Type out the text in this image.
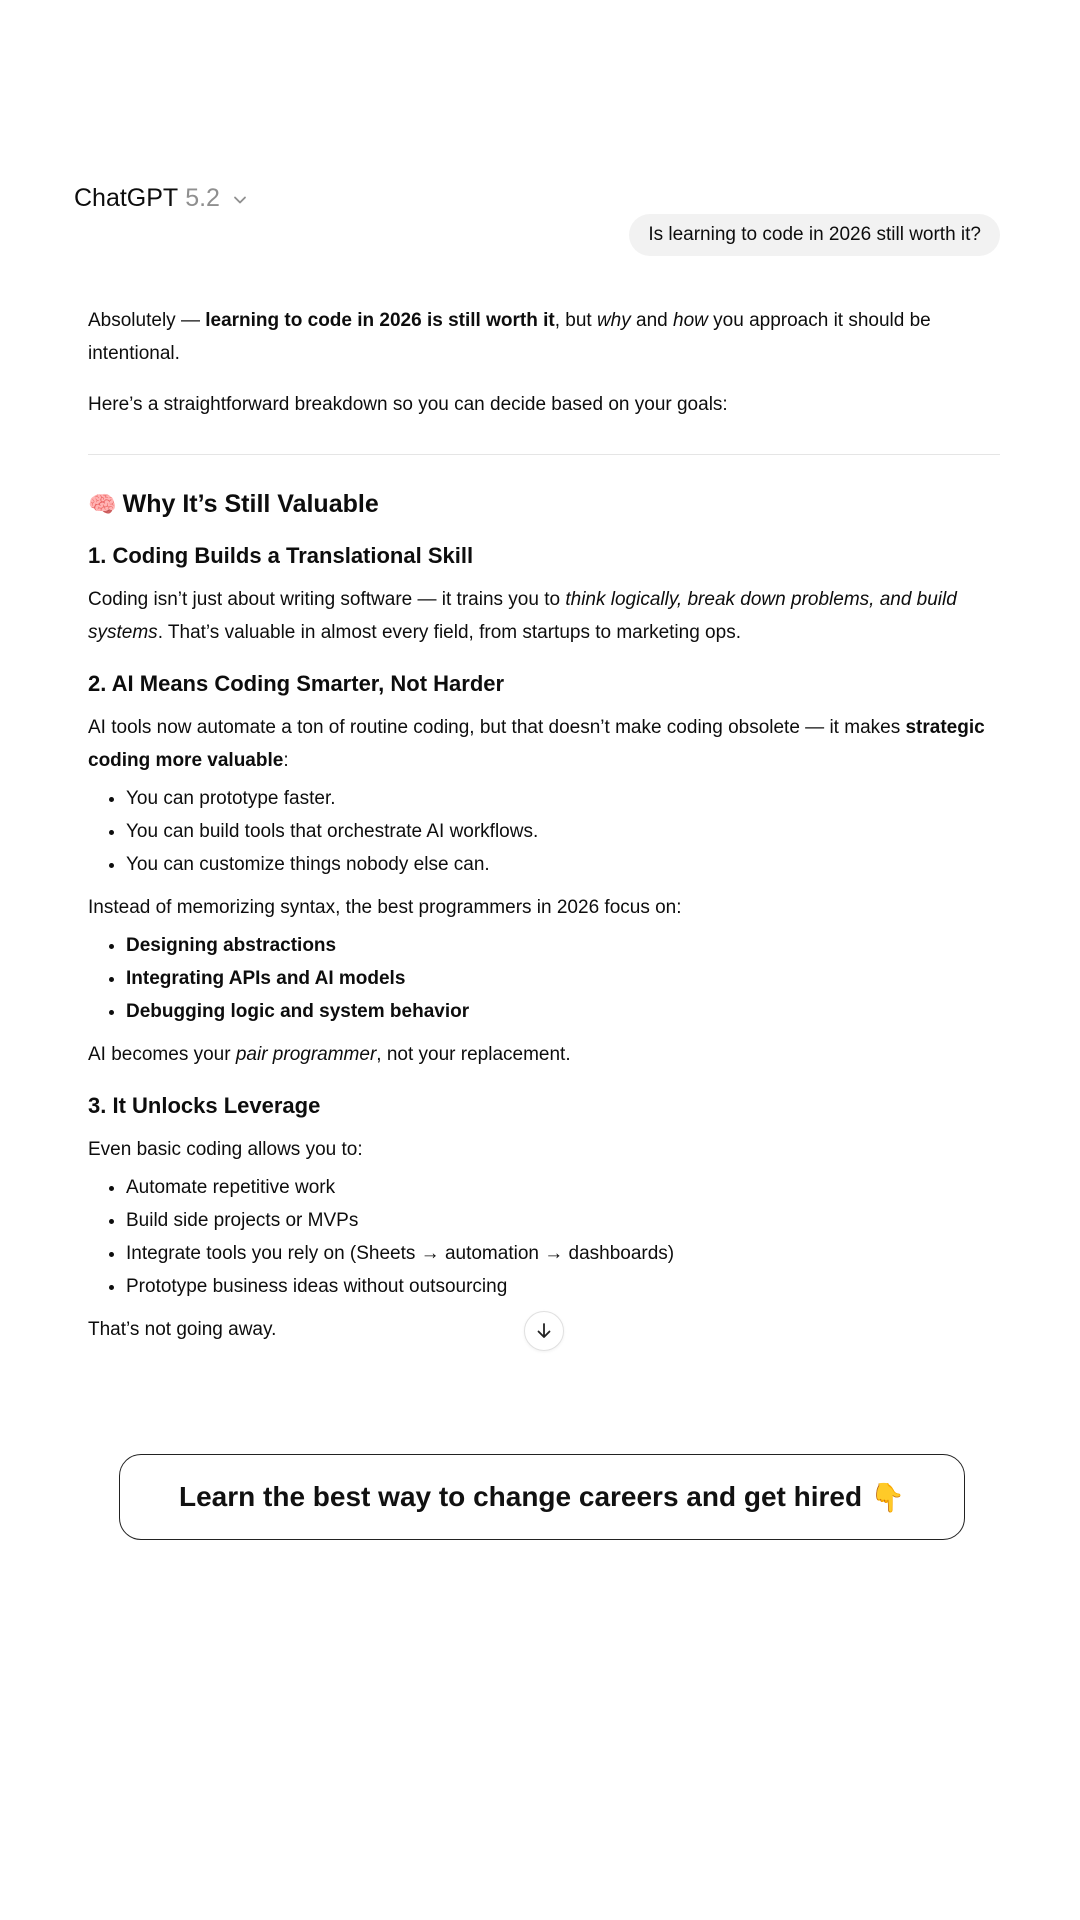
ChatGPT 5.2
Is learning to code in 2026 still worth it?

Absolutely — learning to code in 2026 is still worth it, but why and how you approach it should be intentional.

Here’s a straightforward breakdown so you can decide based on your goals:

🧠 Why It’s Still Valuable
1. Coding Builds a Translational Skill

Coding isn’t just about writing software — it trains you to think logically, break down problems, and build systems. That’s valuable in almost every field, from startups to marketing ops.

2. AI Means Coding Smarter, Not Harder

AI tools now automate a ton of routine coding, but that doesn’t make coding obsolete — it makes strategic coding more valuable:

• You can prototype faster.
• You can build tools that orchestrate AI workflows.
• You can customize things nobody else can.

Instead of memorizing syntax, the best programmers in 2026 focus on:

• Designing abstractions
• Integrating APIs and AI models
• Debugging logic and system behavior

AI becomes your pair programmer, not your replacement.

3. It Unlocks Leverage

Even basic coding allows you to:

• Automate repetitive work
• Build side projects or MVPs
• Integrate tools you rely on (Sheets → automation → dashboards)
• Prototype business ideas without outsourcing

That’s not going away.

Learn the best way to change careers and get hired 👇
